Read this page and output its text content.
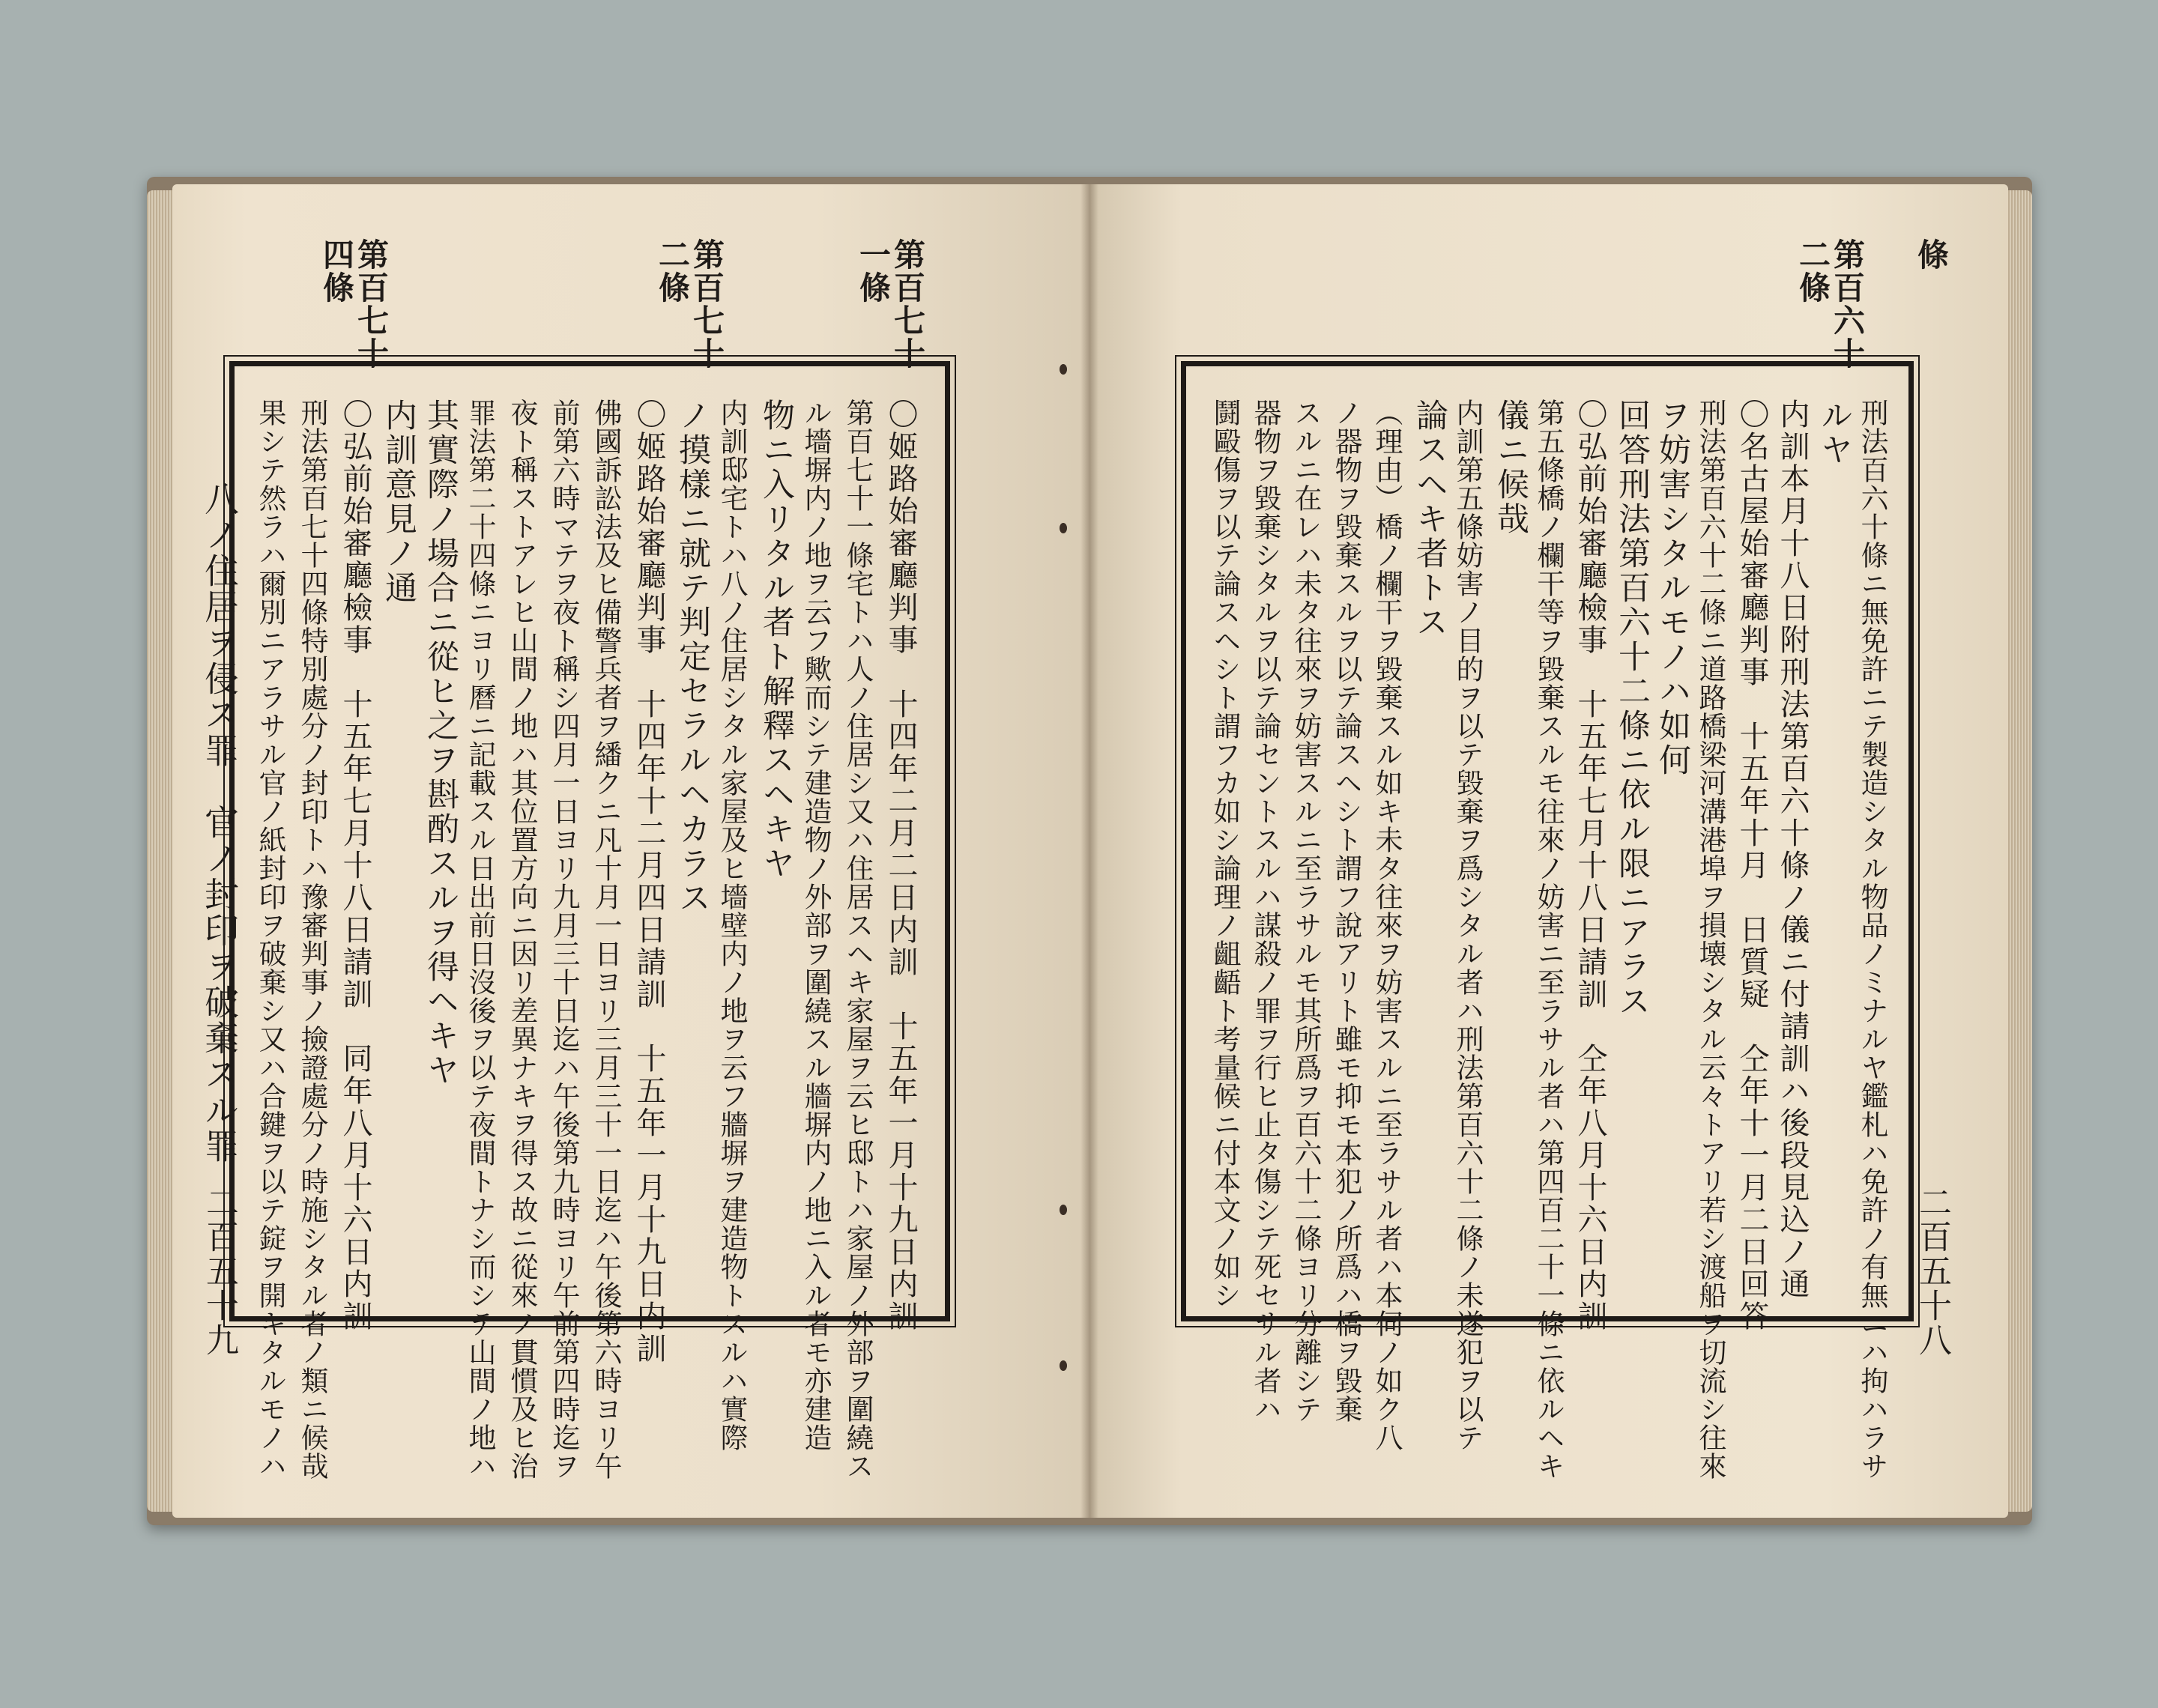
第百七十
一條
第百七十
二條
第百七十
四條
〇姬路始審廳判事　十四年二月二日内訓　十五年一月十九日内訓
第百七十一條宅トハ人ノ住居シ又ハ住居スヘキ家屋ヲ云ヒ邸トハ家屋ノ外部ヲ圍繞ス
ル墻塀内ノ地ヲ云フ歟而シテ建造物ノ外部ヲ圍繞スル牆塀内ノ地ニ入ル者モ亦建造
物ニ入リタル者ト解釋スヘキヤ
内訓邸宅トハ八ノ住居シタル家屋及ヒ墻壁内ノ地ヲ云フ牆塀ヲ建造物トスルハ實際
ノ摸樣ニ就テ判定セラルヘカラス
〇姬路始審廳判事　十四年十二月四日請訓　十五年一月十九日内訓
佛國訴訟法及ヒ備警兵者ヲ繙クニ凡十月一日ヨリ三月三十一日迄ハ午後第六時ヨリ午
前第六時マテヲ夜ト稱シ四月一日ヨリ九月三十日迄ハ午後第九時ヨリ午前第四時迄ヲ
夜ト稱ストアレヒ山間ノ地ハ其位置方向ニ因リ差異ナキヲ得ス故ニ從來ノ貫慣及ヒ治
罪法第二十四條ニヨリ曆ニ記載スル日出前日沒後ヲ以テ夜間トナシ而シテ山間ノ地ハ
其實際ノ場合ニ從ヒ之ヲ斟酌スルヲ得ヘキヤ
内訓意見ノ通
〇弘前始審廳檢事　十五年七月十八日請訓　同年八月十六日内訓
刑法第百七十四條特別處分ノ封印トハ豫審判事ノ撿證處分ノ時施シタル者ノ類ニ候哉
果シテ然ラハ爾別ニアラサル官ノ紙封印ヲ破棄シ又ハ合鍵ヲ以テ錠ヲ開キタルモノハ
八ノ住居ヲ侵ス罪　官ノ封印ヲ破棄スル罪
二百五十九
條
第百六十
二條
刑法百六十條ニ無免許ニテ製造シタル物品ノミナルヤ鑑札ハ免許ノ有無ニハ拘ハラサ
ルヤ
内訓本月十八日附刑法第百六十條ノ儀ニ付請訓ハ後段見込ノ通
〇名古屋始審廳判事　十五年十月　日質疑　仝年十一月二日回答
刑法第百六十二條ニ道路橋梁河溝港埠ヲ損壊シタル云々トアリ若シ渡船ヲ切流シ往來
ヲ妨害シタルモノハ如何
回答刑法第百六十二條ニ依ル限ニアラス
〇弘前始審廳檢事　十五年七月十八日請訓　仝年八月十六日内訓
第五條橋ノ欄干等ヲ毀棄スルモ往來ノ妨害ニ至ラサル者ハ第四百二十一條ニ依ルヘキ
儀ニ候哉
内訓第五條妨害ノ目的ヲ以テ毀棄ヲ爲シタル者ハ刑法第百六十二條ノ未遂犯ヲ以テ
論スヘキ者トス
（理由）橋ノ欄干ヲ毀棄スル如キ未タ往來ヲ妨害スルニ至ラサル者ハ本伺ノ如ク八
ノ器物ヲ毀棄スルヲ以テ論スヘシト謂フ說アリト雖モ抑モ本犯ノ所爲ハ橋ヲ毀棄
スルニ在レハ未タ往來ヲ妨害スルニ至ラサルモ其所爲ヲ百六十二條ヨリ分離シテ
器物ヲ毀棄シタルヲ以テ論セントスルハ謀殺ノ罪ヲ行ヒ止タ傷シテ死セサル者ハ
鬪毆傷ヲ以テ論スヘシト謂フカ如シ論理ノ齟齬ト考量候ニ付本文ノ如シ	二百五十八
